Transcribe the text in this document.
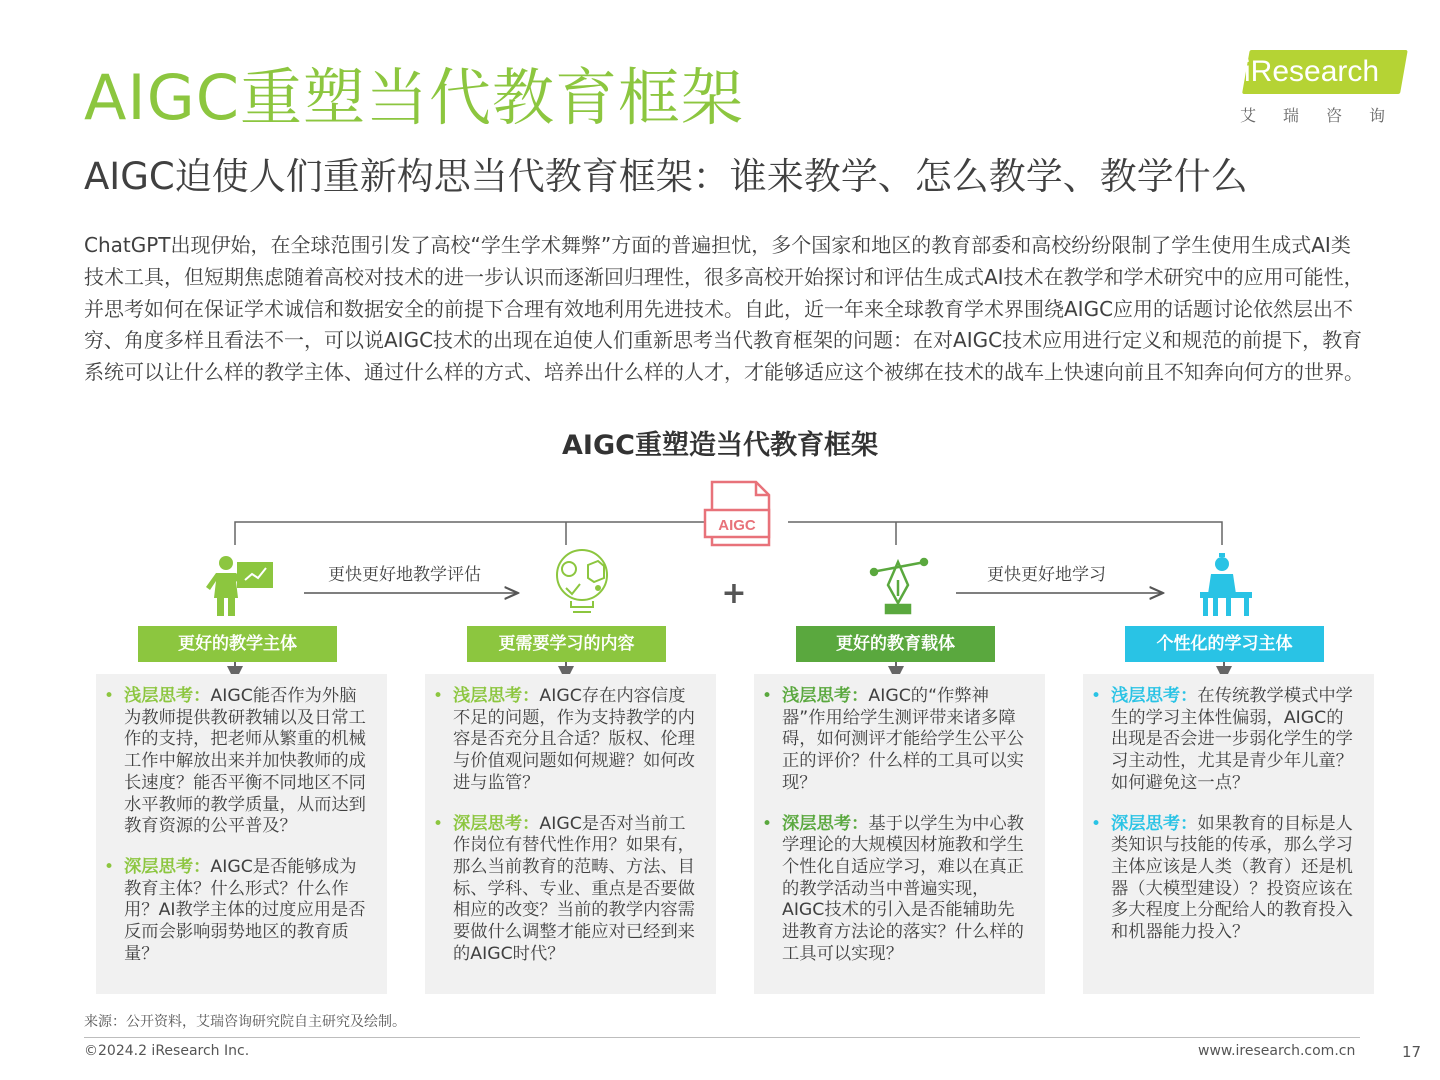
AIGC重塑当代教育框架
AIGC迫使人们重新构思当代教育框架：谁来教学、怎么教学、教学什么
iResearch
艾瑞咨询
ChatGPT出现伊始，在全球范围引发了高校“学生学术舞弊”方面的普遍担忧，多个国家和地区的教育部委和高校纷纷限制了学生使用生成式AI类技术工具，但短期焦虑随着高校对技术的进一步认识而逐渐回归理性，很多高校开始探讨和评估生成式AI技术在教学和学术研究中的应用可能性，并思考如何在保证学术诚信和数据安全的前提下合理有效地利用先进技术。自此，近一年来全球教育学术界围绕AIGC应用的话题讨论依然层出不穷、角度多样且看法不一，可以说AIGC技术的出现在迫使人们重新思考当代教育框架的问题：在对AIGC技术应用进行定义和规范的前提下，教育系统可以让什么样的教学主体、通过什么样的方式、培养出什么样的人才，才能够适应这个被绑在技术的战车上快速向前且不知奔向何方的世界。
AIGC重塑造当代教育框架
AIGC
+
更快更好地教学评估	更快更好地学习
更好的教学主体	更需要学习的内容	更好的教育载体	个性化的学习主体
• 浅层思考：AIGC能否作为外脑为教师提供教研教辅以及日常工作的支持，把老师从繁重的机械工作中解放出来并加快教师的成长速度？能否平衡不同地区不同水平教师的教学质量，从而达到教育资源的公平普及？
• 深层思考：AIGC是否能够成为教育主体？什么形式？什么作用？AI教学主体的过度应用是否反而会影响弱势地区的教育质量？
• 浅层思考：AIGC存在内容信度不足的问题，作为支持教学的内容是否充分且合适？版权、伦理与价值观问题如何规避？如何改进与监管？
• 深层思考：AIGC是否对当前工作岗位有替代性作用？如果有，那么当前教育的范畴、方法、目标、学科、专业、重点是否要做相应的改变？当前的教学内容需要做什么调整才能应对已经到来的AIGC时代？
• 浅层思考：AIGC的“作弊神器”作用给学生测评带来诸多障碍，如何测评才能给学生公平公正的评价？什么样的工具可以实现？
• 深层思考：基于以学生为中心教学理论的大规模因材施教和学生个性化自适应学习，难以在真正的教学活动当中普遍实现，AIGC技术的引入是否能辅助先进教育方法论的落实？什么样的工具可以实现？
• 浅层思考：在传统教学模式中学生的学习主体性偏弱，AIGC的出现是否会进一步弱化学生的学习主动性，尤其是青少年儿童？如何避免这一点？
• 深层思考：如果教育的目标是人类知识与技能的传承，那么学习主体应该是人类（教育）还是机器（大模型建设）？投资应该在多大程度上分配给人的教育投入和机器能力投入？
来源：公开资料，艾瑞咨询研究院自主研究及绘制。
©2024.2 iResearch Inc.	www.iresearch.com.cn	17
